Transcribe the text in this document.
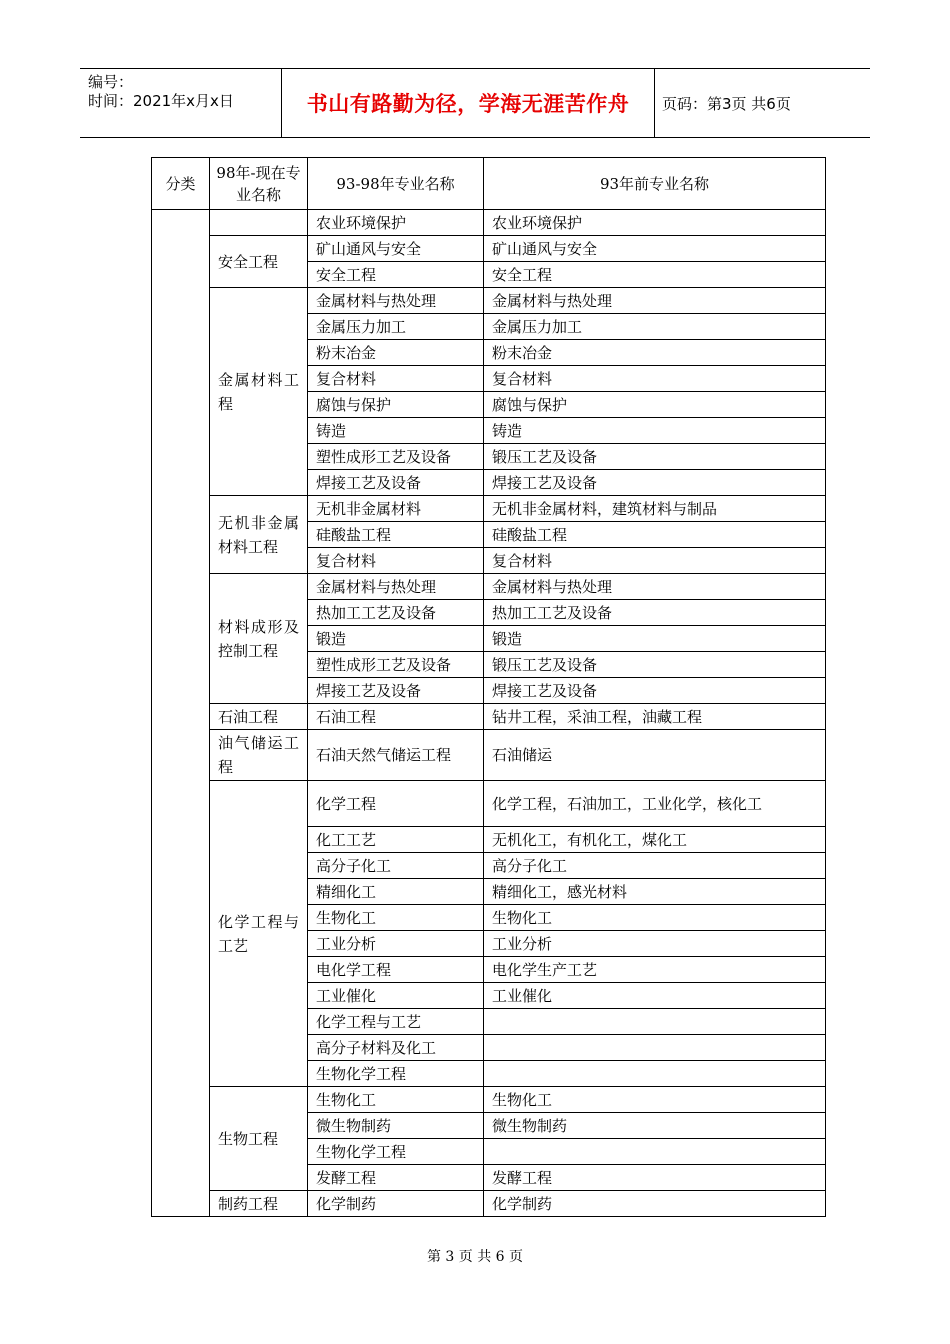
编号：
时间：2021年x月x日	书山有路勤为径，学海无涯苦作舟	页码：第3页 共6页
分类	98年-现在专业名称	93-98年专业名称	93年前专业名称
		农业环境保护	农业环境保护
	安全工程	矿山通风与安全	矿山通风与安全
		安全工程	安全工程
	金属材料工程	金属材料与热处理	金属材料与热处理
		金属压力加工	金属压力加工
		粉末冶金	粉末冶金
		复合材料	复合材料
		腐蚀与保护	腐蚀与保护
		铸造	铸造
		塑性成形工艺及设备	锻压工艺及设备
		焊接工艺及设备	焊接工艺及设备
	无机非金属材料工程	无机非金属材料	无机非金属材料，建筑材料与制品
		硅酸盐工程	硅酸盐工程
		复合材料	复合材料
	材料成形及控制工程	金属材料与热处理	金属材料与热处理
		热加工工艺及设备	热加工工艺及设备
		锻造	锻造
		塑性成形工艺及设备	锻压工艺及设备
		焊接工艺及设备	焊接工艺及设备
	石油工程	石油工程	钻井工程，采油工程，油藏工程
	油气储运工程	石油天然气储运工程	石油储运
	化学工程与工艺	化学工程	化学工程，石油加工，工业化学，核化工
		化工工艺	无机化工，有机化工，煤化工
		高分子化工	高分子化工
		精细化工	精细化工，感光材料
		生物化工	生物化工
		工业分析	工业分析
		电化学工程	电化学生产工艺
		工业催化	工业催化
		化学工程与工艺	
		高分子材料及化工	
		生物化学工程	
	生物工程	生物化工	生物化工
		微生物制药	微生物制药
		生物化学工程	
		发酵工程	发酵工程
	制药工程	化学制药	化学制药
第 3 页 共 6 页
